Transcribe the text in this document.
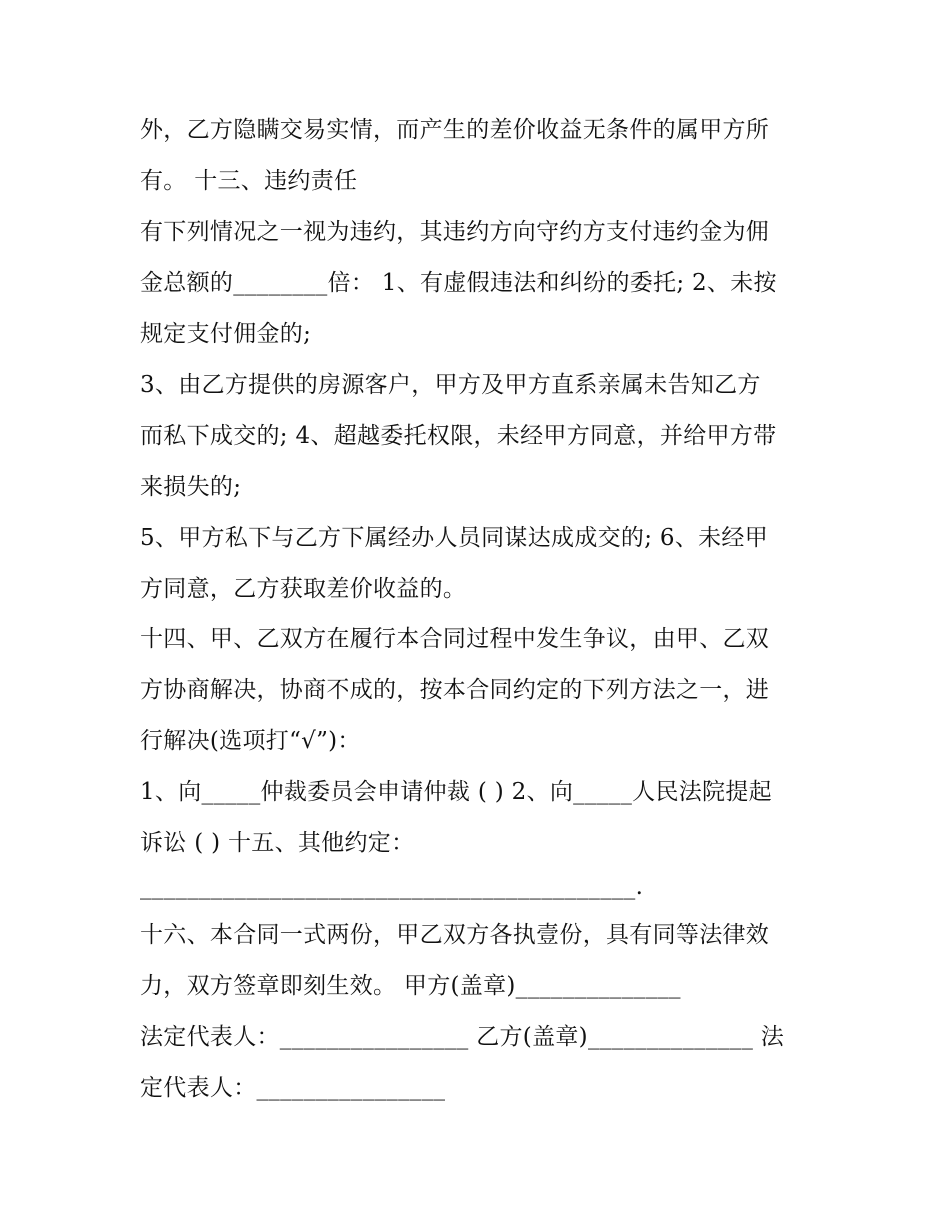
外，乙方隐瞒交易实情，而产生的差价收益无条件的属甲方所
有。 十三、违约责任
有下列情况之一视为违约，其违约方向守约方支付违约金为佣
金总额的________倍： 1、有虚假违法和纠纷的委托; 2、未按
规定支付佣金的;
3、由乙方提供的房源客户，甲方及甲方直系亲属未告知乙方
而私下成交的; 4、超越委托权限，未经甲方同意，并给甲方带
来损失的;
5、甲方私下与乙方下属经办人员同谋达成成交的; 6、未经甲
方同意，乙方获取差价收益的。
十四、甲、乙双方在履行本合同过程中发生争议，由甲、乙双
方协商解决，协商不成的，按本合同约定的下列方法之一，进
行解决(选项打“√”)：
1、向_____仲裁委员会申请仲裁 ( ) 2、向_____人民法院提起
诉讼 ( ) 十五、其他约定：
__________________________________________.
十六、本合同一式两份，甲乙双方各执壹份，具有同等法律效
力，双方签章即刻生效。 甲方(盖章)______________
法定代表人：________________ 乙方(盖章)______________ 法
定代表人：________________
